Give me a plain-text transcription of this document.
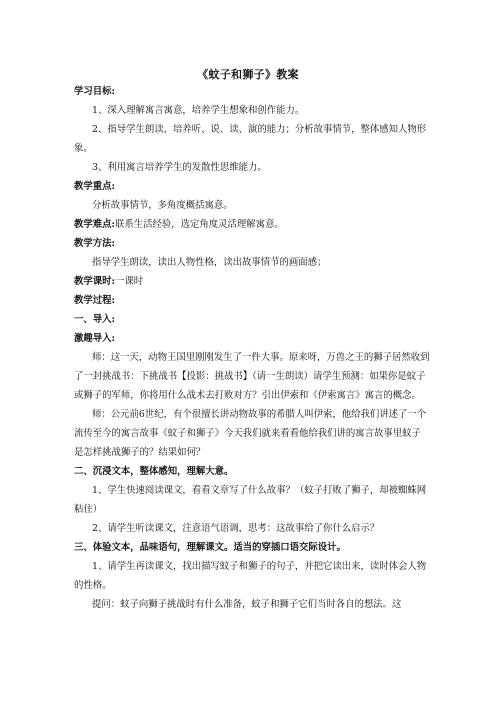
《蚊子和狮子》教案
学习目标:
1、深入理解寓言寓意，培养学生想象和创作能力。
2、指导学生朗读，培养听、说、读、演的能力；分析故事情节，整体感知人物形象。
3、利用寓言培养学生的发散性思维能力。
教学重点:
分析故事情节，多角度概括寓意。
教学难点:联系生活经验，选定角度灵活理解寓意。
教学方法:
指导学生朗读，读出人物性格，读出故事情节的画面感；
教学课时:一课时
教学过程:
一、导入:
激趣导入:
师：这一天，动物王国里刚刚发生了一件大事。原来呀，万兽之王的狮子居然收到了一封挑战书：下挑战书【投影：挑战书】（请一生朗读）请学生预测：如果你是蚊子或狮子的军师，你将用什么战术去打败对方？引出伊索和《伊索寓言》寓言的概念。
师：公元前6世纪，有个很擅长讲动物故事的希腊人叫伊索，他给我们讲述了一个流传至今的寓言故事《蚊子和狮子》今天我们就来看看他给我们讲的寓言故事里蚊子是怎样挑战狮子的？结果如何？
二、沉浸文本，整体感知，理解大意。
1、学生快速阅读课文，看看文章写了什么故事？（蚊子打败了狮子，却被蜘蛛网粘住）
2、请学生听读课文，注意语气语调，思考：这故事给了你什么启示？
三、体验文本，品味语句，理解课文。适当的穿插口语交际设计。
1、请学生再读课文，找出描写蚊子和狮子的句子，并把它读出来，读时体会人物的性格。
提问：蚊子向狮子挑战时有什么准备，蚊子和狮子它们当时各自的想法。这
